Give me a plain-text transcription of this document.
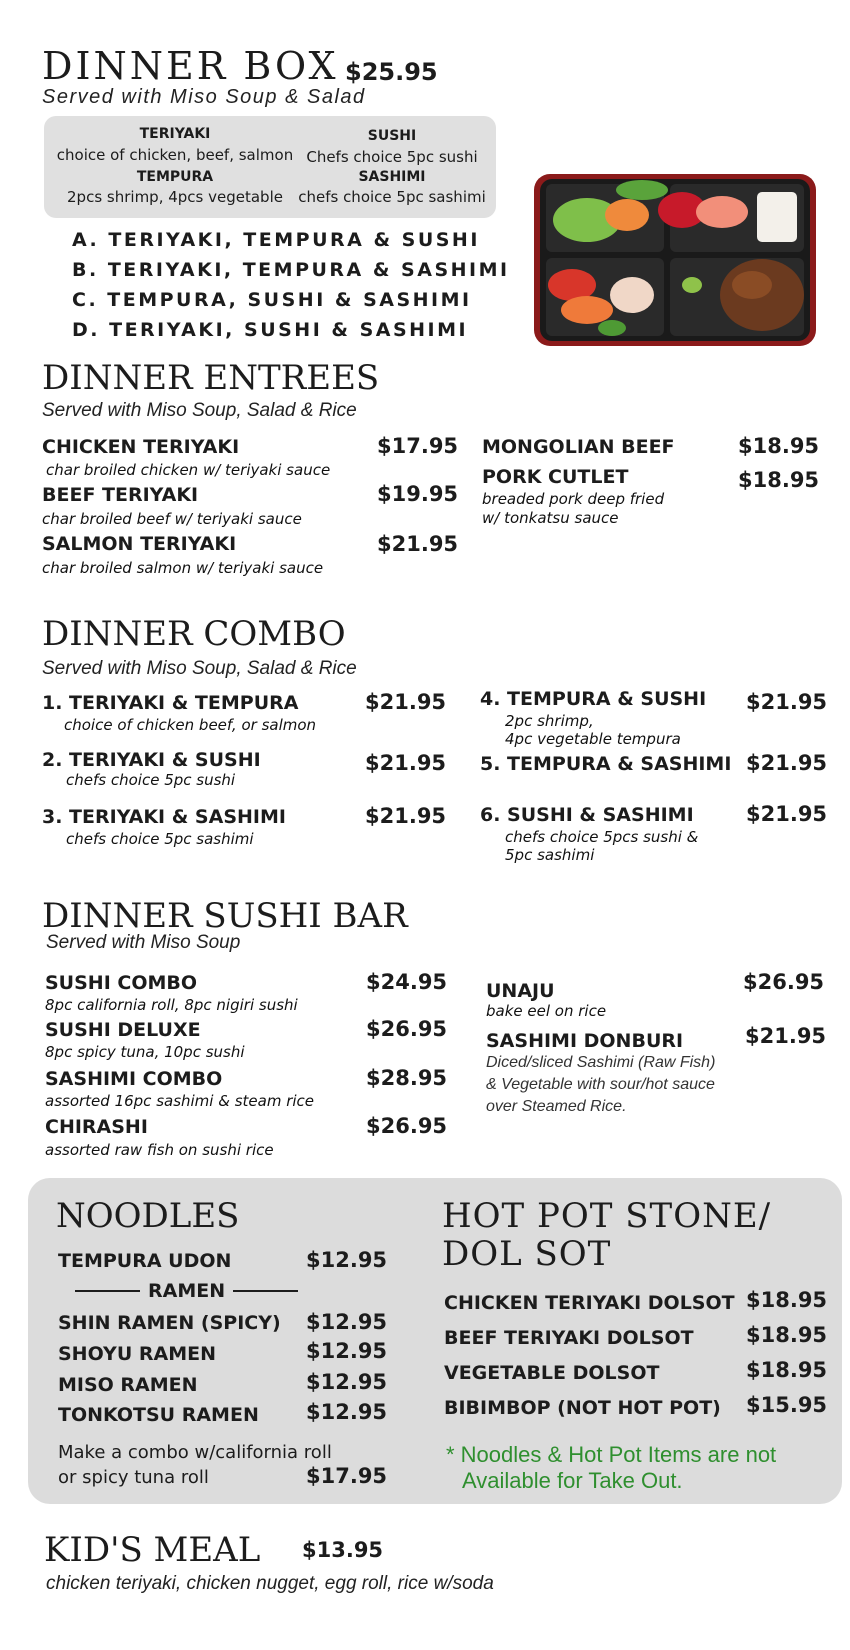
DINNER BOX $25.95
Served with Miso Soup & Salad
TERIYAKI
choice of chicken, beef, salmon
TEMPURA
2pcs shrimp, 4pcs vegetable
SUSHI
Chefs choice 5pc sushi
SASHIMI
chefs choice 5pc sashimi
A. TERIYAKI, TEMPURA & SUSHI
B. TERIYAKI, TEMPURA & SASHIMI
C. TEMPURA, SUSHI & SASHIMI
D. TERIYAKI, SUSHI & SASHIMI
DINNER ENTREES
Served with Miso Soup, Salad & Rice
CHICKEN TERIYAKI	$17.95
char broiled chicken w/ teriyaki sauce
BEEF TERIYAKI	$19.95
char broiled beef w/ teriyaki sauce
SALMON TERIYAKI	$21.95
char broiled salmon w/ teriyaki sauce
MONGOLIAN BEEF	$18.95
PORK CUTLET	$18.95
breaded pork deep fried
w/ tonkatsu sauce
DINNER COMBO
Served with Miso Soup, Salad & Rice
1. TERIYAKI & TEMPURA	$21.95
choice of chicken beef, or salmon
2. TERIYAKI & SUSHI	$21.95
chefs choice 5pc sushi
3. TERIYAKI & SASHIMI	$21.95
chefs choice 5pc sashimi
4. TEMPURA & SUSHI $21.95
2pc shrimp,
4pc vegetable tempura
5. TEMPURA & SASHIMI $21.95
6. SUSHI & SASHIMI $21.95
chefs choice 5pcs sushi &
5pc sashimi
DINNER SUSHI BAR
Served with Miso Soup
SUSHI COMBO	$24.95
8pc california roll, 8pc nigiri sushi
SUSHI DELUXE	$26.95
8pc spicy tuna, 10pc sushi
SASHIMI COMBO	$28.95
assorted 16pc sashimi & steam rice
CHIRASHI	$26.95
assorted raw fish on sushi rice
UNAJU	$26.95
bake eel on rice
SASHIMI DONBURI	$21.95
Diced/sliced Sashimi (Raw Fish)
& Vegetable with sour/hot sauce
over Steamed Rice.
NOODLES
TEMPURA UDON	$12.95
RAMEN
SHIN RAMEN (SPICY) $12.95
SHOYU RAMEN	$12.95
MISO RAMEN	$12.95
TONKOTSU RAMEN $12.95
Make a combo w/california roll
or spicy tuna roll	$17.95
HOT POT STONE/
DOL SOT
CHICKEN TERIYAKI DOLSOT $18.95
BEEF TERIYAKI DOLSOT $18.95
VEGETABLE DOLSOT	$18.95
BIBIMBOP (NOT HOT POT) $15.95
* Noodles & Hot Pot Items are not
Available for Take Out.
KID'S MEAL $13.95
chicken teriyaki, chicken nugget, egg roll, rice w/soda
